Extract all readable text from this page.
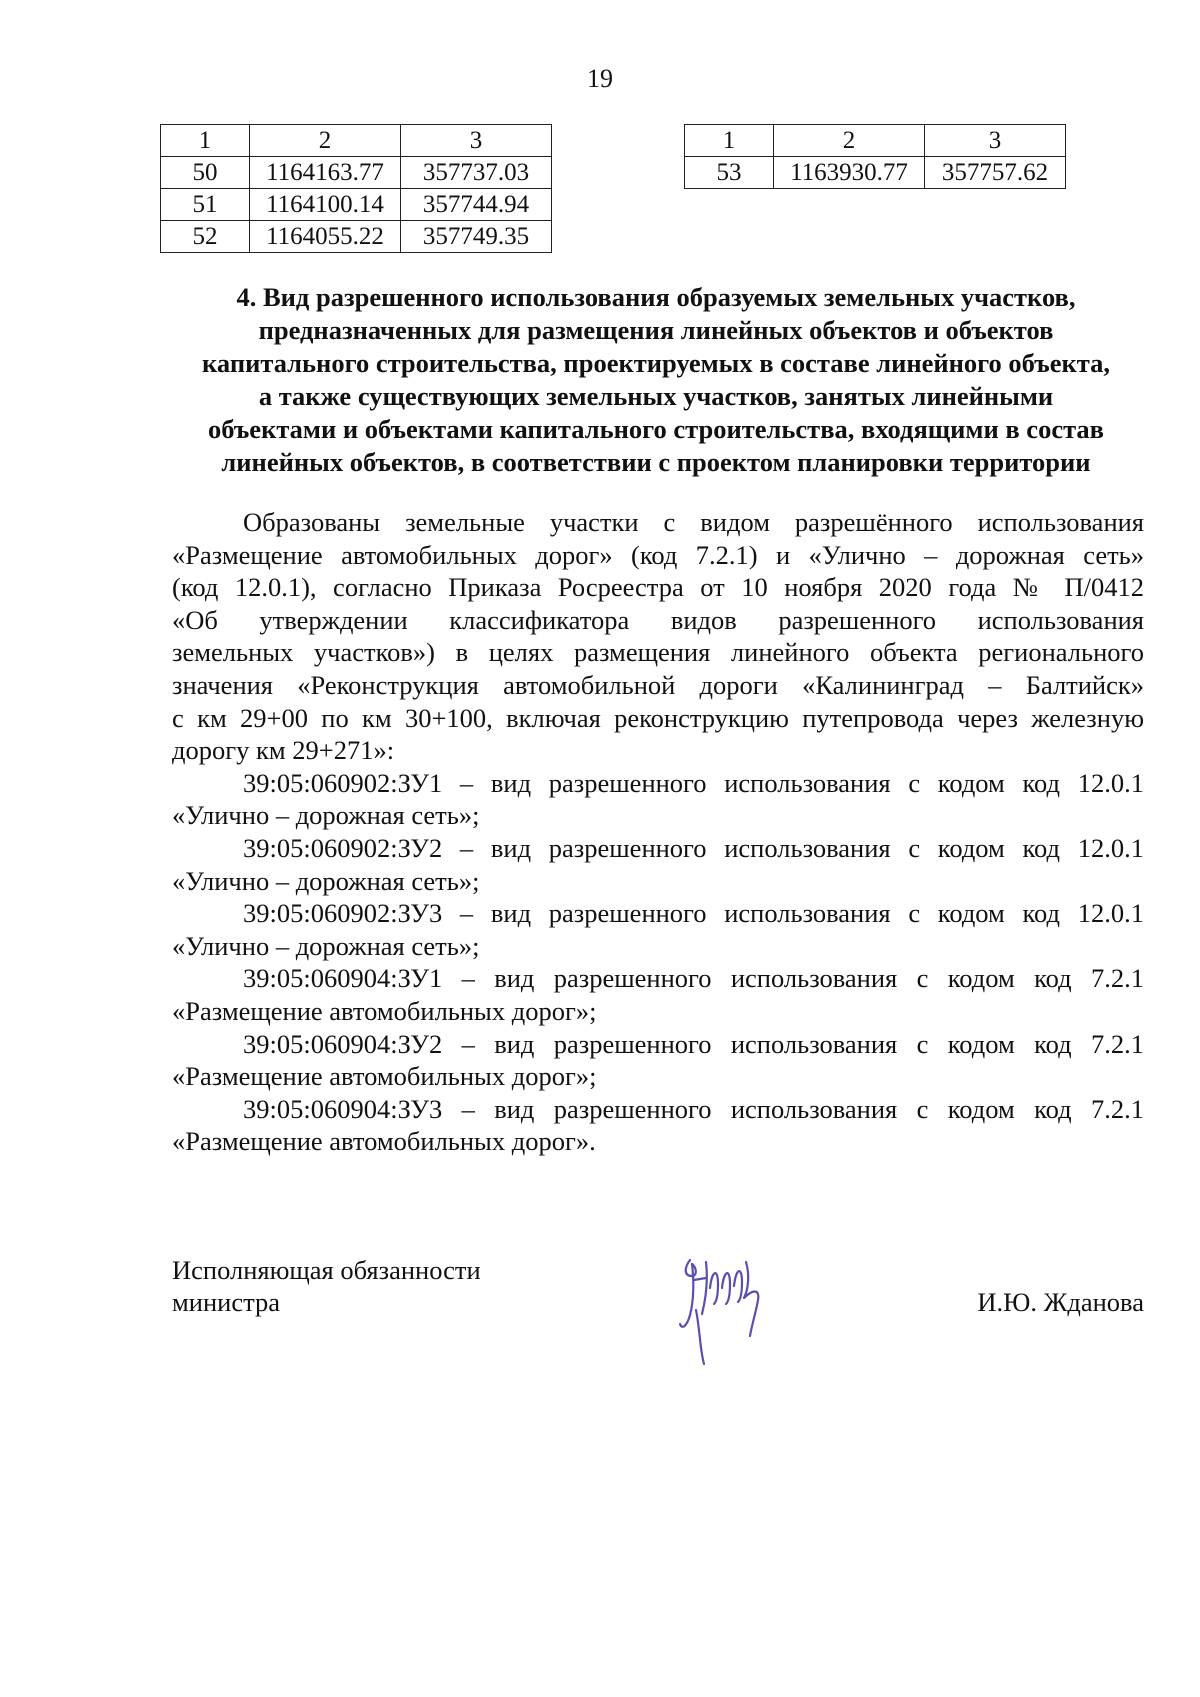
19
1	2	3
50	1164163.77	357737.03
51	1164100.14	357744.94
52	1164055.22	357749.35
1	2	3
53	1163930.77	357757.62
4. Вид разрешенного использования образуемых земельных участков,
предназначенных для размещения линейных объектов и объектов
капитального строительства, проектируемых в составе линейного объекта,
а также существующих земельных участков, занятых линейными
объектами и объектами капитального строительства, входящими в состав
линейных объектов, в соответствии с проектом планировки территории
Образованы земельные участки с видом разрешённого использования
«Размещение автомобильных дорог» (код 7.2.1) и «Улично – дорожная сеть»
(код 12.0.1), согласно Приказа Росреестра от 10 ноября 2020 года № П/0412
«Об утверждении классификатора видов разрешенного использования
земельных участков») в целях размещения линейного объекта регионального
значения «Реконструкция автомобильной дороги «Калининград – Балтийск»
с км 29+00 по км 30+100, включая реконструкцию путепровода через железную
дорогу км 29+271»:
39:05:060902:ЗУ1 – вид разрешенного использования с кодом код 12.0.1
«Улично – дорожная сеть»;
39:05:060902:ЗУ2 – вид разрешенного использования с кодом код 12.0.1
«Улично – дорожная сеть»;
39:05:060902:ЗУ3 – вид разрешенного использования с кодом код 12.0.1
«Улично – дорожная сеть»;
39:05:060904:ЗУ1 – вид разрешенного использования с кодом код 7.2.1
«Размещение автомобильных дорог»;
39:05:060904:ЗУ2 – вид разрешенного использования с кодом код 7.2.1
«Размещение автомобильных дорог»;
39:05:060904:ЗУ3 – вид разрешенного использования с кодом код 7.2.1
«Размещение автомобильных дорог».
Исполняющая обязанности
министра	И.Ю. Жданова
